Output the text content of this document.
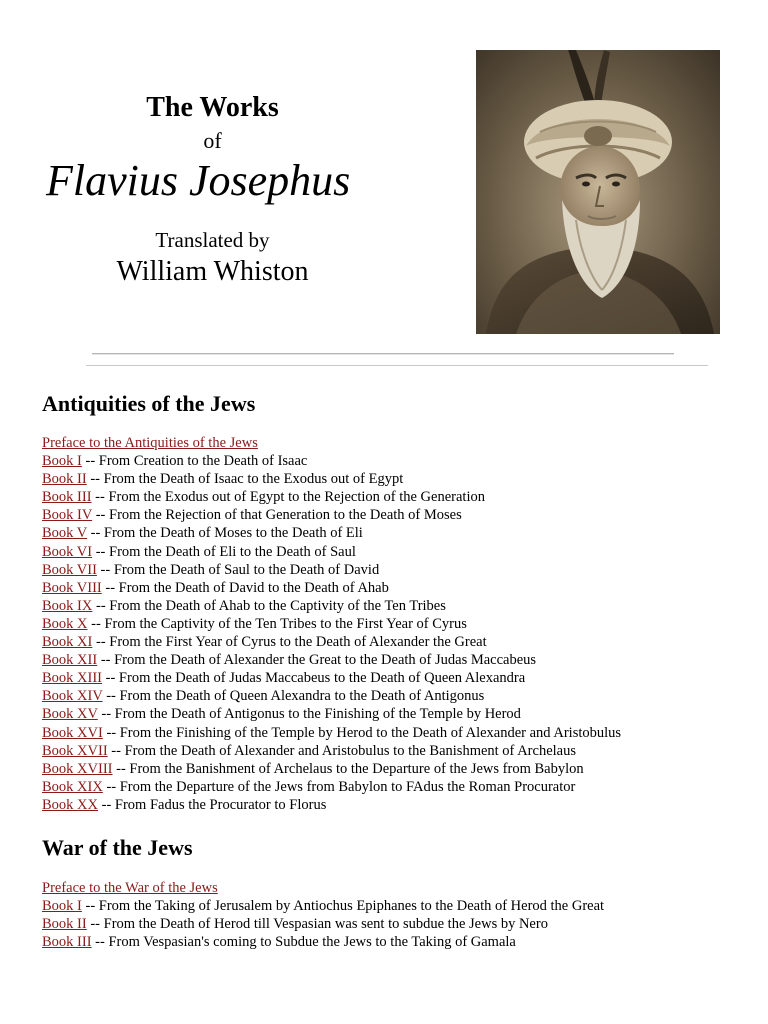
The Works
of
Flavius Josephus
Translated by
William Whiston
Antiquities of the Jews
Preface to the Antiquities of the Jews
Book I -- From Creation to the Death of Isaac
Book II -- From the Death of Isaac to the Exodus out of Egypt
Book III -- From the Exodus out of Egypt to the Rejection of the Generation
Book IV -- From the Rejection of that Generation to the Death of Moses
Book V -- From the Death of Moses to the Death of Eli
Book VI -- From the Death of Eli to the Death of Saul
Book VII -- From the Death of Saul to the Death of David
Book VIII -- From the Death of David to the Death of Ahab
Book IX -- From the Death of Ahab to the Captivity of the Ten Tribes
Book X -- From the Captivity of the Ten Tribes to the First Year of Cyrus
Book XI -- From the First Year of Cyrus to the Death of Alexander the Great
Book XII -- From the Death of Alexander the Great to the Death of Judas Maccabeus
Book XIII -- From the Death of Judas Maccabeus to the Death of Queen Alexandra
Book XIV -- From the Death of Queen Alexandra to the Death of Antigonus
Book XV -- From the Death of Antigonus to the Finishing of the Temple by Herod
Book XVI -- From the Finishing of the Temple by Herod to the Death of Alexander and Aristobulus
Book XVII -- From the Death of Alexander and Aristobulus to the Banishment of Archelaus
Book XVIII -- From the Banishment of Archelaus to the Departure of the Jews from Babylon
Book XIX -- From the Departure of the Jews from Babylon to FAdus the Roman Procurator
Book XX -- From Fadus the Procurator to Florus
War of the Jews
Preface to the War of the Jews
Book I -- From the Taking of Jerusalem by Antiochus Epiphanes to the Death of Herod the Great
Book II -- From the Death of Herod till Vespasian was sent to subdue the Jews by Nero
Book III -- From Vespasian's coming to Subdue the Jews to the Taking of Gamala
